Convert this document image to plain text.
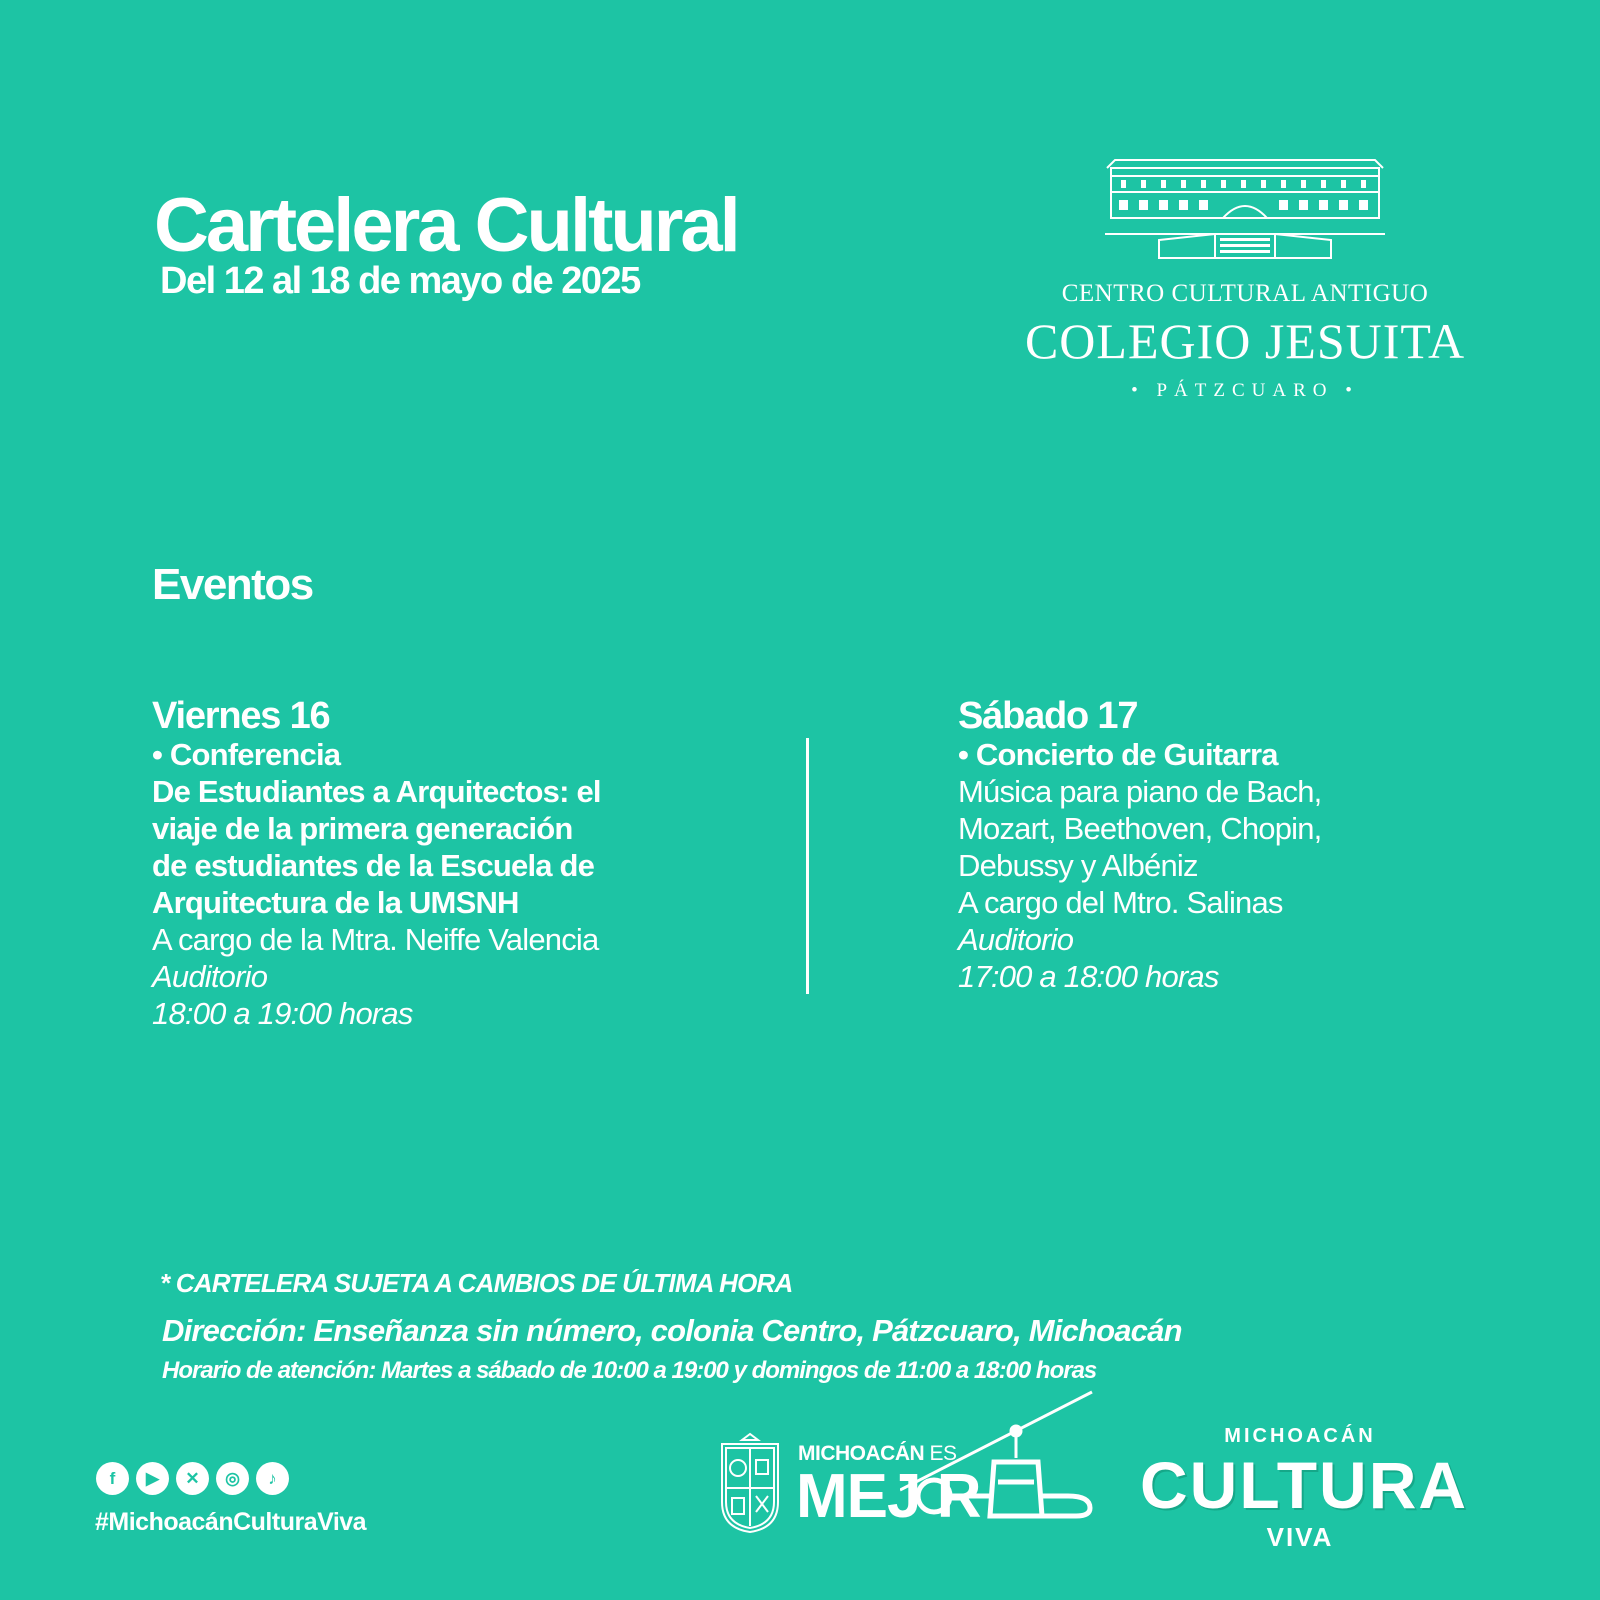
Cartelera Cultural
Del 12 al 18 de mayo de 2025	CENTRO CULTURAL ANTIGUO
COLEGIO JESUITA
• PÁTZCUARO •
Eventos
Viernes 16
• Conferencia
De Estudiantes a Arquitectos: el
viaje de la primera generación
de estudiantes de la Escuela de
Arquitectura de la UMSNH
A cargo de la Mtra. Neiffe Valencia
Auditorio
18:00 a 19:00 horas
Sábado 17
• Concierto de Guitarra
Música para piano de Bach,
Mozart, Beethoven, Chopin,
Debussy y Albéniz
A cargo del Mtro. Salinas
Auditorio
17:00 a 18:00 horas
* CARTELERA SUJETA A CAMBIOS DE ÚLTIMA HORA
Dirección: Enseñanza sin número, colonia Centro, Pátzcuaro, Michoacán
Horario de atención: Martes a sábado de 10:00 a 19:00 y domingos de 11:00 a 18:00 horas
f	▶	✕	◎	♪
#MichoacánCulturaViva
MICHOACÁN ES
MEJ R
MICHOACÁN
CULTURA
VIVA
